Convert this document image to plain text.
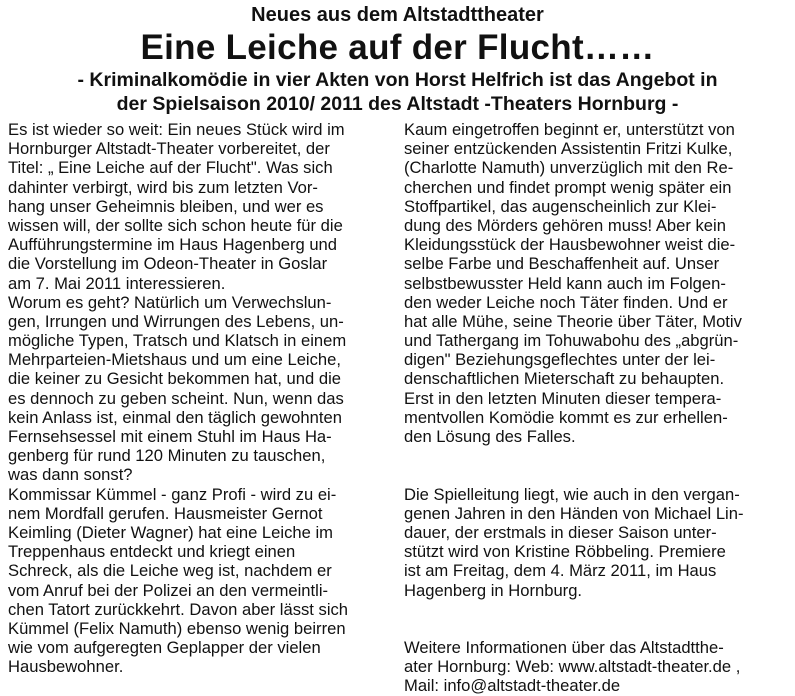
Neues aus dem Altstadttheater
Eine Leiche auf der Flucht……
- Kriminalkomödie in vier Akten von Horst Helfrich ist das Angebot in
der Spielsaison 2010/ 2011 des Altstadt -Theaters Hornburg -
Es ist wieder so weit: Ein neues Stück wird im
Hornburger Altstadt-Theater vorbereitet, der
Titel: „ Eine Leiche auf der Flucht". Was sich
dahinter verbirgt, wird bis zum letzten Vor-
hang unser Geheimnis bleiben, und wer es
wissen will, der sollte sich schon heute für die
Aufführungstermine im Haus Hagenberg und
die Vorstellung im Odeon-Theater in Goslar
am 7. Mai 2011 interessieren.
Worum es geht? Natürlich um Verwechslun-
gen, Irrungen und Wirrungen des Lebens, un-
mögliche Typen, Tratsch und Klatsch in einem
Mehrparteien-Mietshaus und um eine Leiche,
die keiner zu Gesicht bekommen hat, und die
es dennoch zu geben scheint. Nun, wenn das
kein Anlass ist, einmal den täglich gewohnten
Fernsehsessel mit einem Stuhl im Haus Ha-
genberg für rund 120 Minuten zu tauschen,
was dann sonst?
Kommissar Kümmel - ganz Profi - wird zu ei-
nem Mordfall gerufen. Hausmeister Gernot
Keimling (Dieter Wagner) hat eine Leiche im
Treppenhaus entdeckt und kriegt einen
Schreck, als die Leiche weg ist, nachdem er
vom Anruf bei der Polizei an den vermeintli-
chen Tatort zurückkehrt. Davon aber lässt sich
Kümmel (Felix Namuth) ebenso wenig beirren
wie vom aufgeregten Geplapper der vielen
Hausbewohner.
Kaum eingetroffen beginnt er, unterstützt von
seiner entzückenden Assistentin Fritzi Kulke,
(Charlotte Namuth) unverzüglich mit den Re-
cherchen und findet prompt wenig später ein
Stoffpartikel, das augenscheinlich zur Klei-
dung des Mörders gehören muss! Aber kein
Kleidungsstück der Hausbewohner weist die-
selbe Farbe und Beschaffenheit auf. Unser
selbstbewusster Held kann auch im Folgen-
den weder Leiche noch Täter finden. Und er
hat alle Mühe, seine Theorie über Täter, Motiv
und Tathergang im Tohuwabohu des „abgrün-
digen" Beziehungsgeflechtes unter der lei-
denschaftlichen Mieterschaft zu behaupten.
Erst in den letzten Minuten dieser tempera-
mentvollen Komödie kommt es zur erhellen-
den Lösung des Falles.
Die Spielleitung liegt, wie auch in den vergan-
genen Jahren in den Händen von Michael Lin-
dauer, der erstmals in dieser Saison unter-
stützt wird von Kristine Röbbeling. Premiere
ist am Freitag, dem 4. März 2011, im Haus
Hagenberg in Hornburg.
Weitere Informationen über das Altstadtthe-
ater Hornburg: Web: www.altstadt-theater.de ,
Mail: info@altstadt-theater.de
